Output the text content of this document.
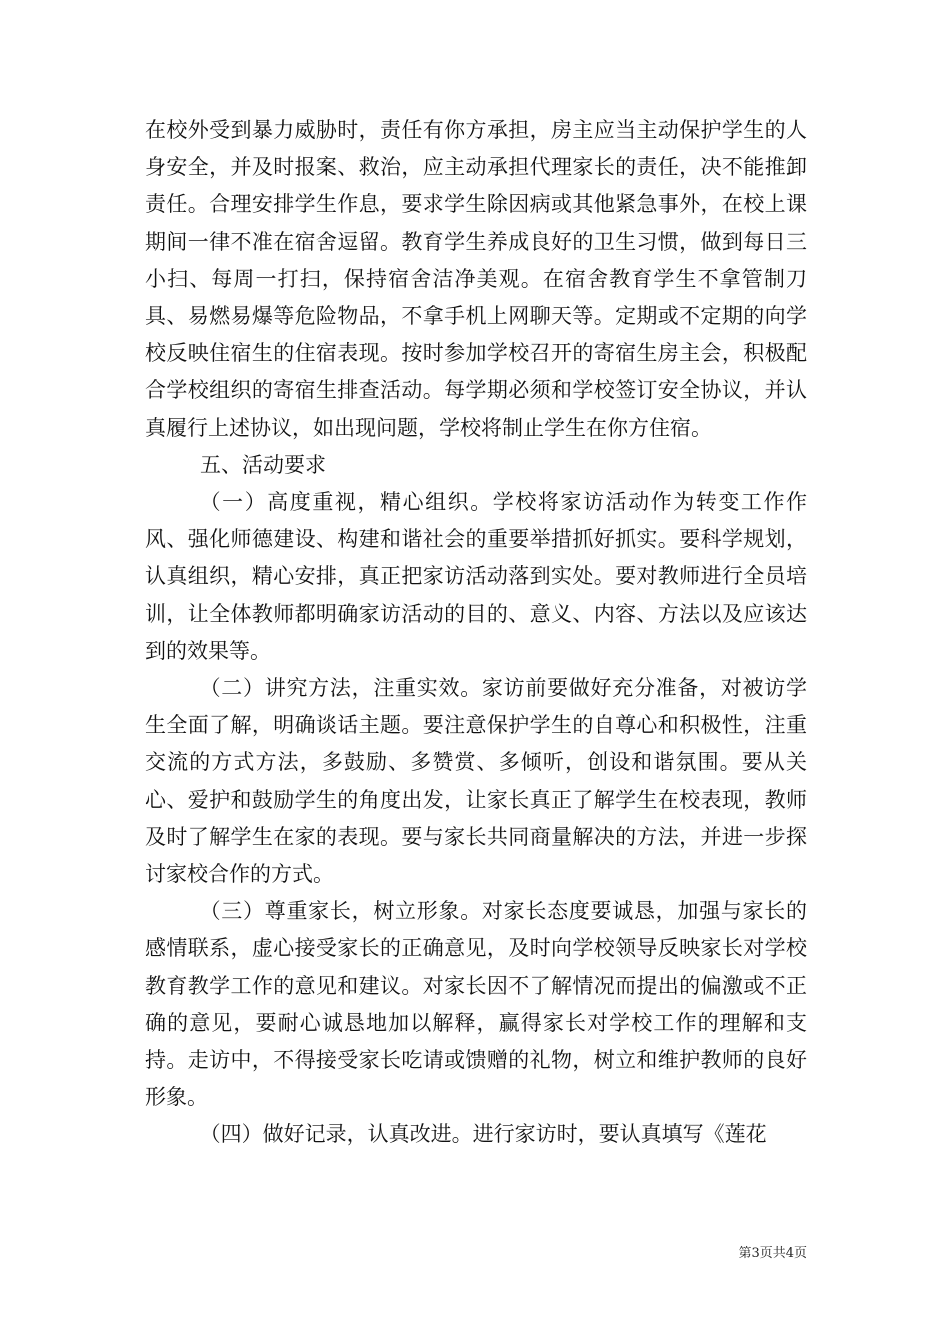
在校外受到暴力威胁时，责任有你方承担，房主应当主动保护学生的人身安全，并及时报案、救治，应主动承担代理家长的责任，决不能推卸责任。合理安排学生作息，要求学生除因病或其他紧急事外，在校上课期间一律不准在宿舍逗留。教育学生养成良好的卫生习惯，做到每日三小扫、每周一打扫，保持宿舍洁净美观。在宿舍教育学生不拿管制刀具、易燃易爆等危险物品，不拿手机上网聊天等。定期或不定期的向学校反映住宿生的住宿表现。按时参加学校召开的寄宿生房主会，积极配合学校组织的寄宿生排查活动。每学期必须和学校签订安全协议，并认真履行上述协议，如出现问题，学校将制止学生在你方住宿。

五、活动要求

（一）高度重视，精心组织。学校将家访活动作为转变工作作风、强化师德建设、构建和谐社会的重要举措抓好抓实。要科学规划，认真组织，精心安排，真正把家访活动落到实处。要对教师进行全员培训，让全体教师都明确家访活动的目的、意义、内容、方法以及应该达到的效果等。

（二）讲究方法，注重实效。家访前要做好充分准备，对被访学生全面了解，明确谈话主题。要注意保护学生的自尊心和积极性，注重交流的方式方法，多鼓励、多赞赏、多倾听，创设和谐氛围。要从关心、爱护和鼓励学生的角度出发，让家长真正了解学生在校表现，教师及时了解学生在家的表现。要与家长共同商量解决的方法，并进一步探讨家校合作的方式。

（三）尊重家长，树立形象。对家长态度要诚恳，加强与家长的感情联系，虚心接受家长的正确意见，及时向学校领导反映家长对学校教育教学工作的意见和建议。对家长因不了解情况而提出的偏激或不正确的意见，要耐心诚恳地加以解释，赢得家长对学校工作的理解和支持。走访中，不得接受家长吃请或馈赠的礼物，树立和维护教师的良好形象。

（四）做好记录，认真改进。进行家访时，要认真填写《莲花

第3页共4页
